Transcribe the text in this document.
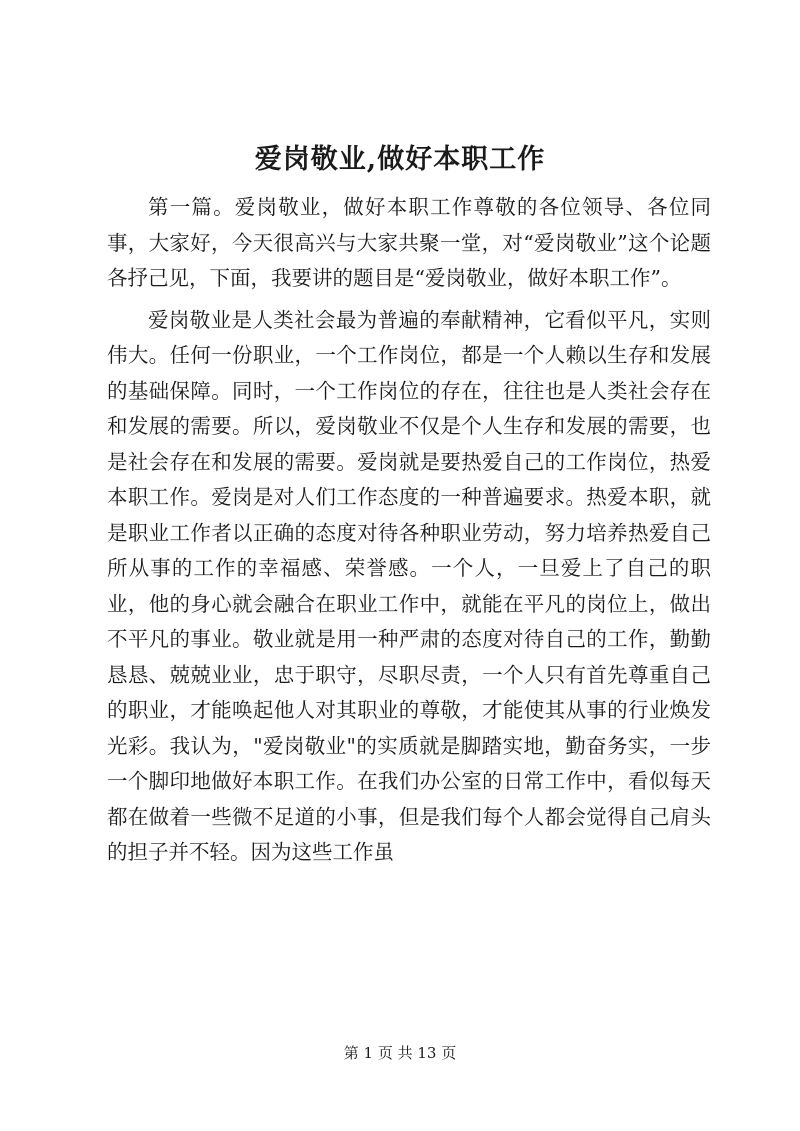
爱岗敬业,做好本职工作

第一篇。爱岗敬业，做好本职工作尊敬的各位领导、各位同事，大家好，今天很高兴与大家共聚一堂，对“爱岗敬业”这个论题各抒己见，下面，我要讲的题目是“爱岗敬业，做好本职工作”。

爱岗敬业是人类社会最为普遍的奉献精神，它看似平凡，实则伟大。任何一份职业，一个工作岗位，都是一个人赖以生存和发展的基础保障。同时，一个工作岗位的存在，往往也是人类社会存在和发展的需要。所以，爱岗敬业不仅是个人生存和发展的需要，也是社会存在和发展的需要。爱岗就是要热爱自己的工作岗位，热爱本职工作。爱岗是对人们工作态度的一种普遍要求。热爱本职，就是职业工作者以正确的态度对待各种职业劳动，努力培养热爱自己所从事的工作的幸福感、荣誉感。一个人，一旦爱上了自己的职业，他的身心就会融合在职业工作中，就能在平凡的岗位上，做出不平凡的事业。敬业就是用一种严肃的态度对待自己的工作，勤勤恳恳、兢兢业业，忠于职守，尽职尽责，一个人只有首先尊重自己的职业，才能唤起他人对其职业的尊敬，才能使其从事的行业焕发光彩。我认为，"爱岗敬业"的实质就是脚踏实地，勤奋务实，一步一个脚印地做好本职工作。在我们办公室的日常工作中，看似每天都在做着一些微不足道的小事，但是我们每个人都会觉得自己肩头的担子并不轻。因为这些工作虽

第 1 页 共 13 页
